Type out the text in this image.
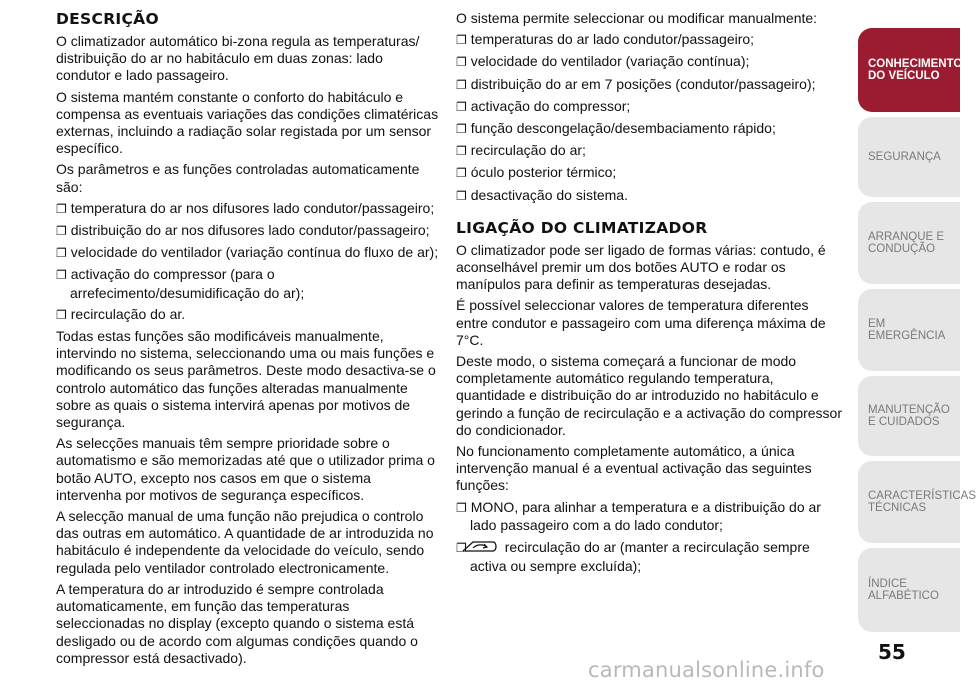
DESCRIÇÃO

O climatizador automático bi-zona regula as temperaturas/ distribuição do ar no habitáculo em duas zonas: lado condutor e lado passageiro.

O sistema mantém constante o conforto do habitáculo e compensa as eventuais variações das condições climatéricas externas, incluindo a radiação solar registada por um sensor específico.

Os parâmetros e as funções controladas automaticamente são:

❐ temperatura do ar nos difusores lado condutor/passageiro;
❐ distribuição do ar nos difusores lado condutor/passageiro;
❐ velocidade do ventilador (variação contínua do fluxo de ar);
❐ activação do compressor (para o arrefecimento/desumidificação do ar);
❐ recirculação do ar.

Todas estas funções são modificáveis manualmente, intervindo no sistema, seleccionando uma ou mais funções e modificando os seus parâmetros. Deste modo desactiva-se o controlo automático das funções alteradas manualmente sobre as quais o sistema intervirá apenas por motivos de segurança.

As selecções manuais têm sempre prioridade sobre o automatismo e são memorizadas até que o utilizador prima o botão AUTO, excepto nos casos em que o sistema intervenha por motivos de segurança específicos.

A selecção manual de uma função não prejudica o controlo das outras em automático. A quantidade de ar introduzida no habitáculo é independente da velocidade do veículo, sendo regulada pelo ventilador controlado electronicamente.

A temperatura do ar introduzido é sempre controlada automaticamente, em função das temperaturas seleccionadas no display (excepto quando o sistema está desligado ou de acordo com algumas condições quando o compressor está desactivado).

O sistema permite seleccionar ou modificar manualmente:

❐ temperaturas do ar lado condutor/passageiro;
❐ velocidade do ventilador (variação contínua);
❐ distribuição do ar em 7 posições (condutor/passageiro);
❐ activação do compressor;
❐ função descongelação/desembaciamento rápido;
❐ recirculação do ar;
❐ óculo posterior térmico;
❐ desactivação do sistema.
LIGAÇÃO DO CLIMATIZADOR

O climatizador pode ser ligado de formas várias: contudo, é aconselhável premir um dos botões AUTO e rodar os manípulos para definir as temperaturas desejadas.

É possível seleccionar valores de temperatura diferentes entre condutor e passageiro com uma diferença máxima de 7°C.

Deste modo, o sistema começará a funcionar de modo completamente automático regulando temperatura, quantidade e distribuição do ar introduzido no habitáculo e gerindo a função de recirculação e a activação do compressor do condicionador.

No funcionamento completamente automático, a única intervenção manual é a eventual activação das seguintes funções:

❐ MONO, para alinhar a temperatura e a distribuição do ar lado passageiro com a do lado condutor;
❐	recirculação do ar (manter a recirculação sempre activa ou sempre excluída);
CONHECIMENTO DO VEÍCULO
SEGURANÇA
ARRANQUE E CONDUÇÃO
EM EMERGÊNCIA
MANUTENÇÃO E CUIDADOS
CARACTERÍSTICAS TÉCNICAS
ÍNDICE ALFABÉTICO
55
carmanualsonline.info
